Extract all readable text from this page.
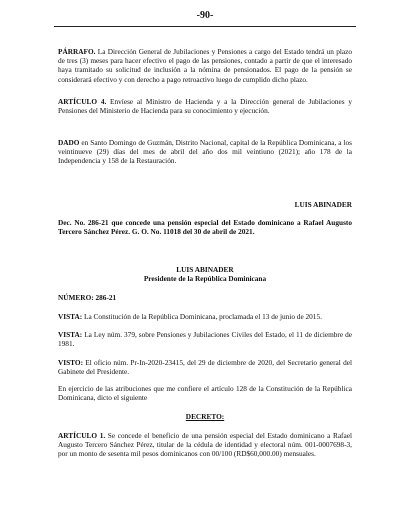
-90-
PÁRRAFO. La Dirección General de Jubilaciones y Pensiones a cargo del Estado tendrá un plazo de tres (3) meses para hacer efectivo el pago de las pensiones, contado a partir de que el interesado haya tramitado su solicitud de inclusión a la nómina de pensionados. El pago de la pensión se considerará efectivo y con derecho a pago retroactivo luego de cumplido dicho plazo.
ARTÍCULO 4. Envíese al Ministro de Hacienda y a la Dirección general de Jubilaciones y Pensiones del Ministerio de Hacienda para su conocimiento y ejecución.
DADO en Santo Domingo de Guzmán, Distrito Nacional, capital de la República Dominicana, a los veintinueve (29) días del mes de abril del año dos mil veintiuno (2021); año 178 de la Independencia y 158 de la Restauración.
LUIS ABINADER
Dec. No. 286-21 que concede una pensión especial del Estado dominicano a Rafael Augusto Tercero Sánchez Pérez. G. O. No. 11018 del 30 de abril de 2021.
LUIS ABINADER
Presidente de la República Dominicana
NÚMERO: 286-21
VISTA: La Constitución de la República Dominicana, proclamada el 13 de junio de 2015.
VISTA: La Ley núm. 379, sobre Pensiones y Jubilaciones Civiles del Estado, el 11 de diciembre de 1981.
VISTO: El oficio núm. Pr-In-2020-23415, del 29 de diciembre de 2020, del Secretario general del Gabinete del Presidente.
En ejercicio de las atribuciones que me confiere el artículo 128 de la Constitución de la República Dominicana, dicto el siguiente
DECRETO:
ARTÍCULO 1. Se concede el beneficio de una pensión especial del Estado dominicano a Rafael Augusto Tercero Sánchez Pérez, titular de la cédula de identidad y electoral núm. 001-0007698-3, por un monto de sesenta mil pesos dominicanos con 00/100 (RD$60,000.00) mensuales.
